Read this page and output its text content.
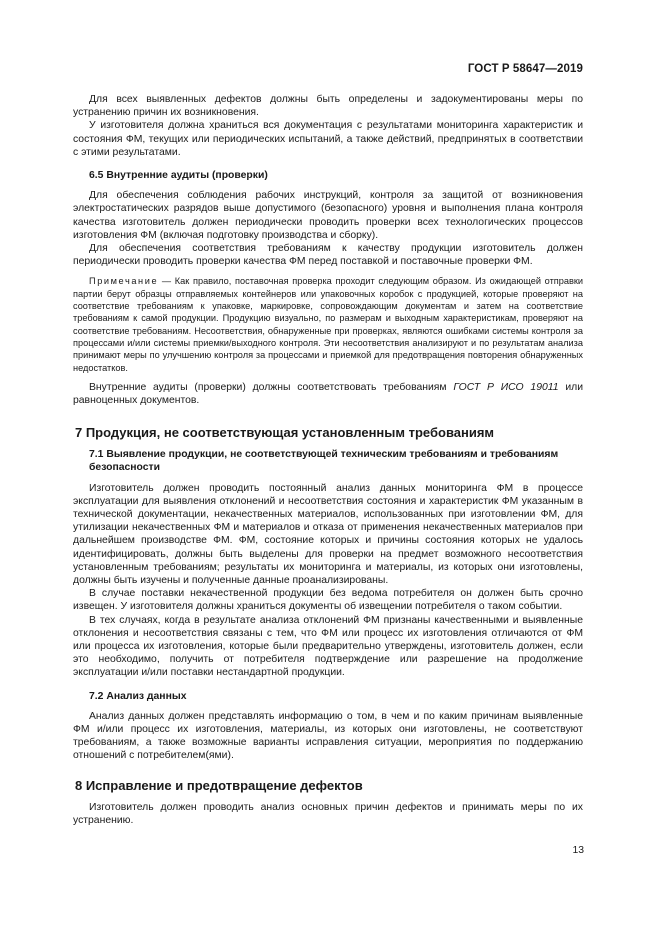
ГОСТ Р 58647—2019

Для всех выявленных дефектов должны быть определены и задокументированы меры по устранению причин их возникновения.

У изготовителя должна храниться вся документация с результатами мониторинга характеристик и состояния ФМ, текущих или периодических испытаний, а также действий, предпринятых в соответствии с этими результатами.

6.5 Внутренние аудиты (проверки)

Для обеспечения соблюдения рабочих инструкций, контроля за защитой от возникновения электростатических разрядов выше допустимого (безопасного) уровня и выполнения плана контроля качества изготовитель должен периодически проводить проверки всех технологических процессов изготовления ФМ (включая подготовку производства и сборку).

Для обеспечения соответствия требованиям к качеству продукции изготовитель должен периодически проводить проверки качества ФМ перед поставкой и поставочные проверки ФМ.

Примечание — Как правило, поставочная проверка проходит следующим образом. Из ожидающей отправки партии берут образцы отправляемых контейнеров или упаковочных коробок с продукцией, которые проверяют на соответствие требованиям к упаковке, маркировке, сопровождающим документам и затем на соответствие требованиям к самой продукции. Продукцию визуально, по размерам и выходным характеристикам, проверяют на соответствие требованиям. Несоответствия, обнаруженные при проверках, являются ошибками системы контроля за процессами и/или системы приемки/выходного контроля. Эти несоответствия анализируют и по результатам анализа принимают меры по улучшению контроля за процессами и приемкой для предотвращения повторения обнаруженных недостатков.

Внутренние аудиты (проверки) должны соответствовать требованиям ГОСТ Р ИСО 19011 или равноценных документов.

7 Продукция, не соответствующая установленным требованиям
7.1 Выявление продукции, не соответствующей техническим требованиям и требованиям безопасности

Изготовитель должен проводить постоянный анализ данных мониторинга ФМ в процессе эксплуатации для выявления отклонений и несоответствия состояния и характеристик ФМ указанным в технической документации, некачественных материалов, использованных при изготовлении ФМ, для утилизации некачественных ФМ и материалов и отказа от применения некачественных материалов при дальнейшем производстве ФМ. ФМ, состояние которых и причины состояния которых не удалось идентифицировать, должны быть выделены для проверки на предмет возможного несоответствия установленным требованиям; результаты их мониторинга и материалы, из которых они изготовлены, должны быть изучены и полученные данные проанализированы.

В случае поставки некачественной продукции без ведома потребителя он должен быть срочно извещен. У изготовителя должны храниться документы об извещении потребителя о таком событии.

В тех случаях, когда в результате анализа отклонений ФМ признаны качественными и выявленные отклонения и несоответствия связаны с тем, что ФМ или процесс их изготовления отличаются от ФМ или процесса их изготовления, которые были предварительно утверждены, изготовитель должен, если это необходимо, получить от потребителя подтверждение или разрешение на продолжение эксплуатации и/или поставки нестандартной продукции.

7.2 Анализ данных

Анализ данных должен представлять информацию о том, в чем и по каким причинам выявленные ФМ и/или процесс их изготовления, материалы, из которых они изготовлены, не соответствуют требованиям, а также возможные варианты исправления ситуации, мероприятия по поддержанию отношений с потребителем(ями).

8 Исправление и предотвращение дефектов

Изготовитель должен проводить анализ основных причин дефектов и принимать меры по их устранению.

13
